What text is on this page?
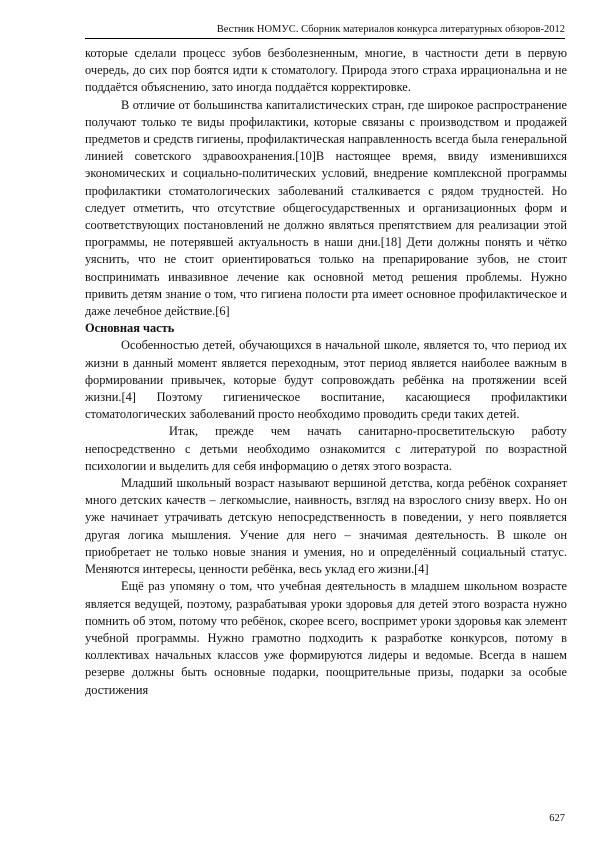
Вестник НОМУС. Сборник материалов конкурса литературных обзоров-2012

которые сделали процесс зубов безболезненным, многие, в частности дети в первую очередь, до сих пор боятся идти к стоматологу. Природа этого страха иррациональна и не поддаётся объяснению, зато иногда поддаётся корректировке.

В отличие от большинства капиталистических стран, где широкое распространение получают только те виды профилактики, которые связаны с производством и продажей предметов и средств гигиены, профилактическая направленность всегда была генеральной линией советского здравоохранения.[10]В настоящее время, ввиду изменившихся экономических и социально-политических условий, внедрение комплексной программы профилактики стоматологических заболеваний сталкивается с рядом трудностей. Но следует отметить, что отсутствие общегосударственных и организационных форм и соответствующих постановлений не должно являться препятствием для реализации этой программы, не потерявшей актуальность в наши дни.[18] Дети должны понять и чётко уяснить, что не стоит ориентироваться только на препарирование зубов, не стоит воспринимать инвазивное лечение как основной метод решения проблемы. Нужно привить детям знание о том, что гигиена полости рта имеет основное профилактическое и даже лечебное действие.[6]

Основная часть

Особенностью детей, обучающихся в начальной школе, является то, что период их жизни в данный момент является переходным, этот период является наиболее важным в формировании привычек, которые будут сопровождать ребёнка на протяжении всей жизни.[4] Поэтому гигиеническое воспитание, касающиеся профилактики стоматологических заболеваний просто необходимо проводить среди таких детей.

Итак, прежде чем начать санитарно-просветительскую работу непосредственно с детьми необходимо ознакомится с литературой по возрастной психологии и выделить для себя информацию о детях этого возраста.

Младший школьный возраст называют вершиной детства, когда ребёнок сохраняет много детских качеств – легкомыслие, наивность, взгляд на взрослого снизу вверх. Но он уже начинает утрачивать детскую непосредственность в поведении, у него появляется другая логика мышления. Учение для него – значимая деятельность. В школе он приобретает не только новые знания и умения, но и определённый социальный статус. Меняются интересы, ценности ребёнка, весь уклад его жизни.[4]

Ещё раз упомяну о том, что учебная деятельность в младшем школьном возрасте является ведущей, поэтому, разрабатывая уроки здоровья для детей этого возраста нужно помнить об этом, потому что ребёнок, скорее всего, воспримет уроки здоровья как элемент учебной программы. Нужно грамотно подходить к разработке конкурсов, потому в коллективах начальных классов уже формируются лидеры и ведомые. Всегда в нашем резерве должны быть основные подарки, поощрительные призы, подарки за особые достижения

627
